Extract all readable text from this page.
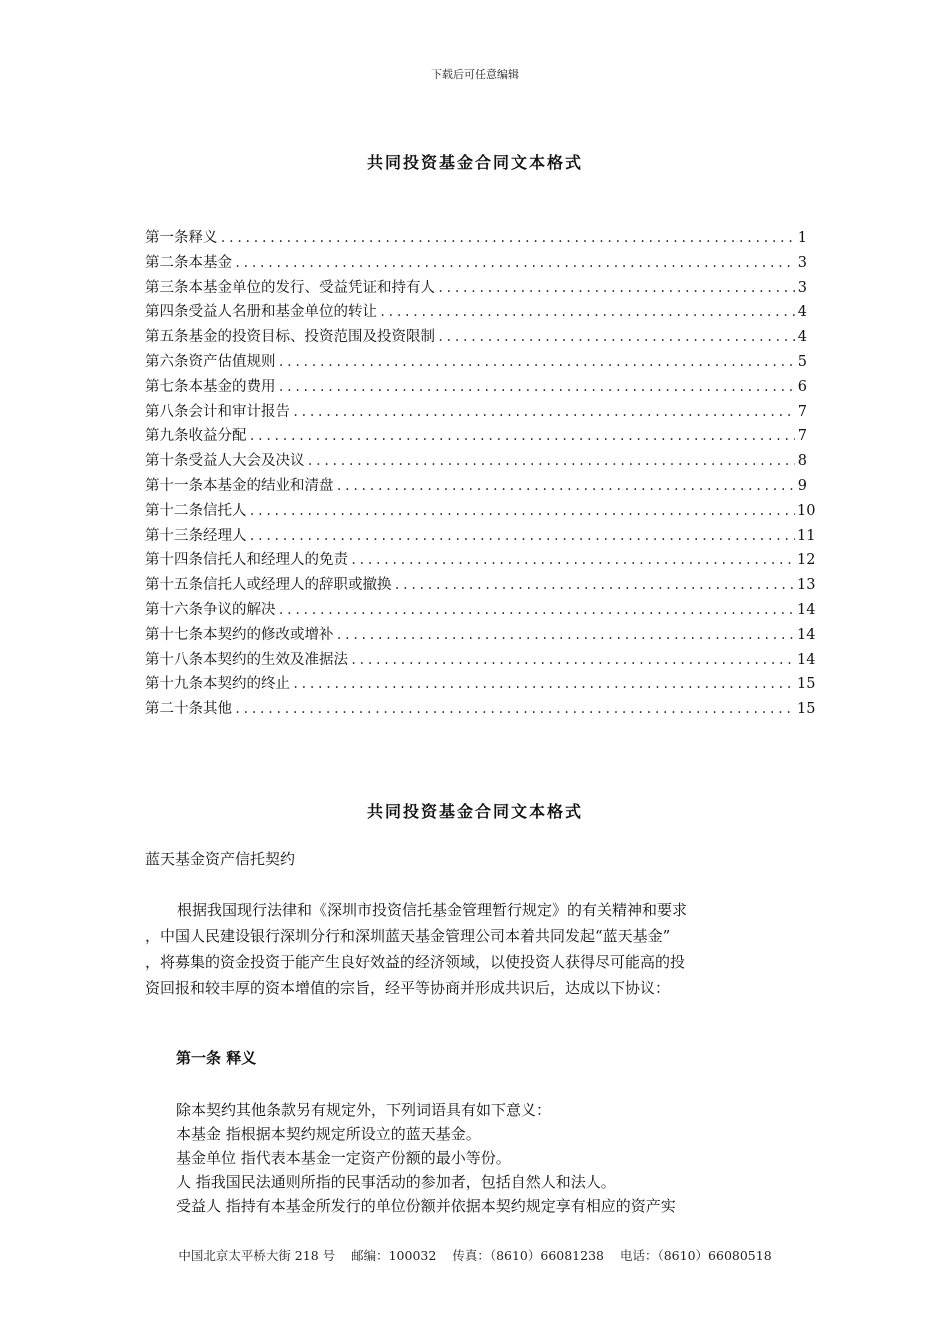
下载后可任意编辑
共同投资基金合同文本格式
第一条 释义 .....	1
第二条 本基金 .....	3
第三条 本基金单位的发行、受益凭证和持有人 .....	3
第四条 受益人名册和基金单位的转让 .....	4
第五条 基金的投资目标、投资范围及投资限制 .....	4
第六条 资产估值规则 .....	5
第七条 本基金的费用 .....	6
第八条 会计和审计报告 .....	7
第九条 收益分配 .....	7
第十条 受益人大会及决议 .....	8
第十一条 本基金的结业和清盘 .....	9
第十二条 信托人 .....	10
第十三条 经理人 .....	11
第十四条 信托人和经理人的免责 .....	12
第十五条 信托人或经理人的辞职或撤换 .....	13
第十六条 争议的解决 .....	14
第十七条 本契约的修改或增补 .....	14
第十八条 本契约的生效及准据法 .....	14
第十九条 本契约的终止 .....	15
第二十条 其他 .....	15
共同投资基金合同文本格式
蓝天基金资产信托契约
根据我国现行法律和《深圳市投资信托基金管理暂行规定》的有关精神和要求
，中国人民建设银行深圳分行和深圳蓝天基金管理公司本着共同发起“蓝天基金”
，将募集的资金投资于能产生良好效益的经济领域，以使投资人获得尽可能高的投
资回报和较丰厚的资本增值的宗旨，经平等协商并形成共识后，达成以下协议：
第一条 释义
除本契约其他条款另有规定外，下列词语具有如下意义：
本基金 指根据本契约规定所设立的蓝天基金。
基金单位 指代表本基金一定资产份额的最小等份。
人 指我国民法通则所指的民事活动的参加者，包括自然人和法人。
受益人 指持有本基金所发行的单位份额并依据本契约规定享有相应的资产实
中国北京太平桥大街 218 号 邮编：100032 传真：（8610）66081238 电话：（8610）66080518
